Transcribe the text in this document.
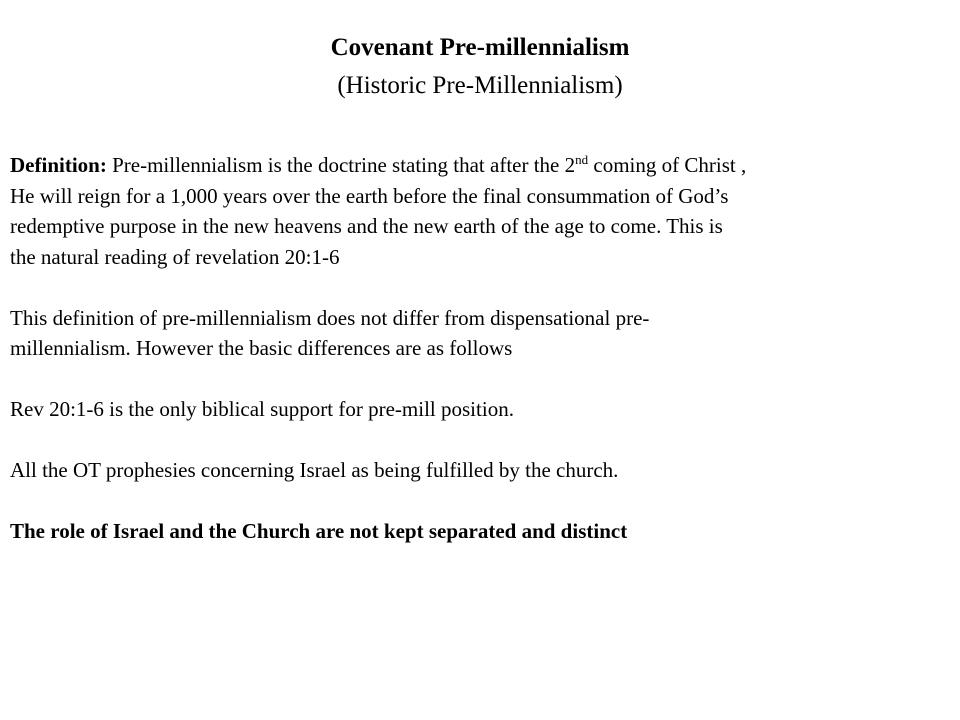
Covenant Pre-millennialism
(Historic Pre-Millennialism)
Definition: Pre-millennialism is the doctrine stating that after the 2nd coming of Christ ,
He will reign for a 1,000 years over the earth before the final consummation of God’s
redemptive purpose in the new heavens and the new earth of the age to come. This is
the natural reading of revelation 20:1-6
This definition of pre-millennialism does not differ from dispensational pre-
millennialism. However the basic differences are as follows
Rev 20:1-6 is the only biblical support for pre-mill position.
All the OT prophesies concerning Israel as being fulfilled by the church.
The role of Israel and the Church are not kept separated and distinct
